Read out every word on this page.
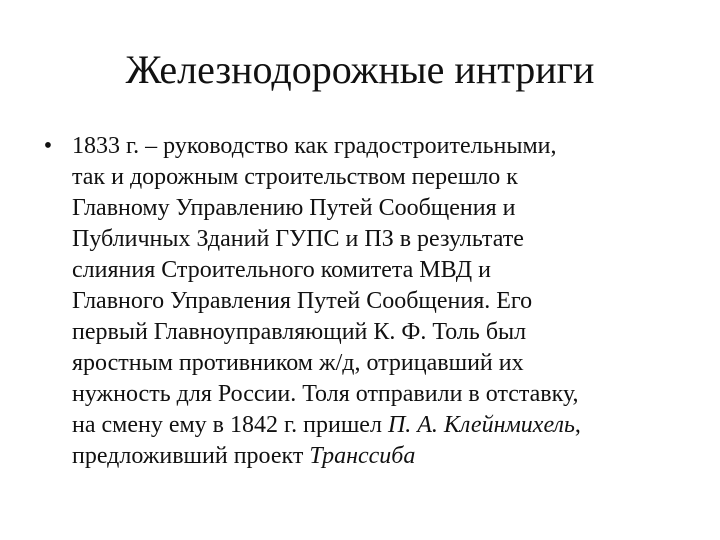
Железнодорожные интриги
• 1833 г. – руководство как градостроительными,
так и дорожным строительством перешло к
Главному Управлению Путей Сообщения и
Публичных Зданий ГУПС и ПЗ в результате
слияния Строительного комитета МВД и
Главного Управления Путей Сообщения. Его
первый Главноуправляющий К. Ф. Толь был
яростным противником ж/д, отрицавший их
нужность для России. Толя отправили в отставку,
на смену ему в 1842 г. пришел П. А. Клейнмихель,
предложивший проект Транссиба
